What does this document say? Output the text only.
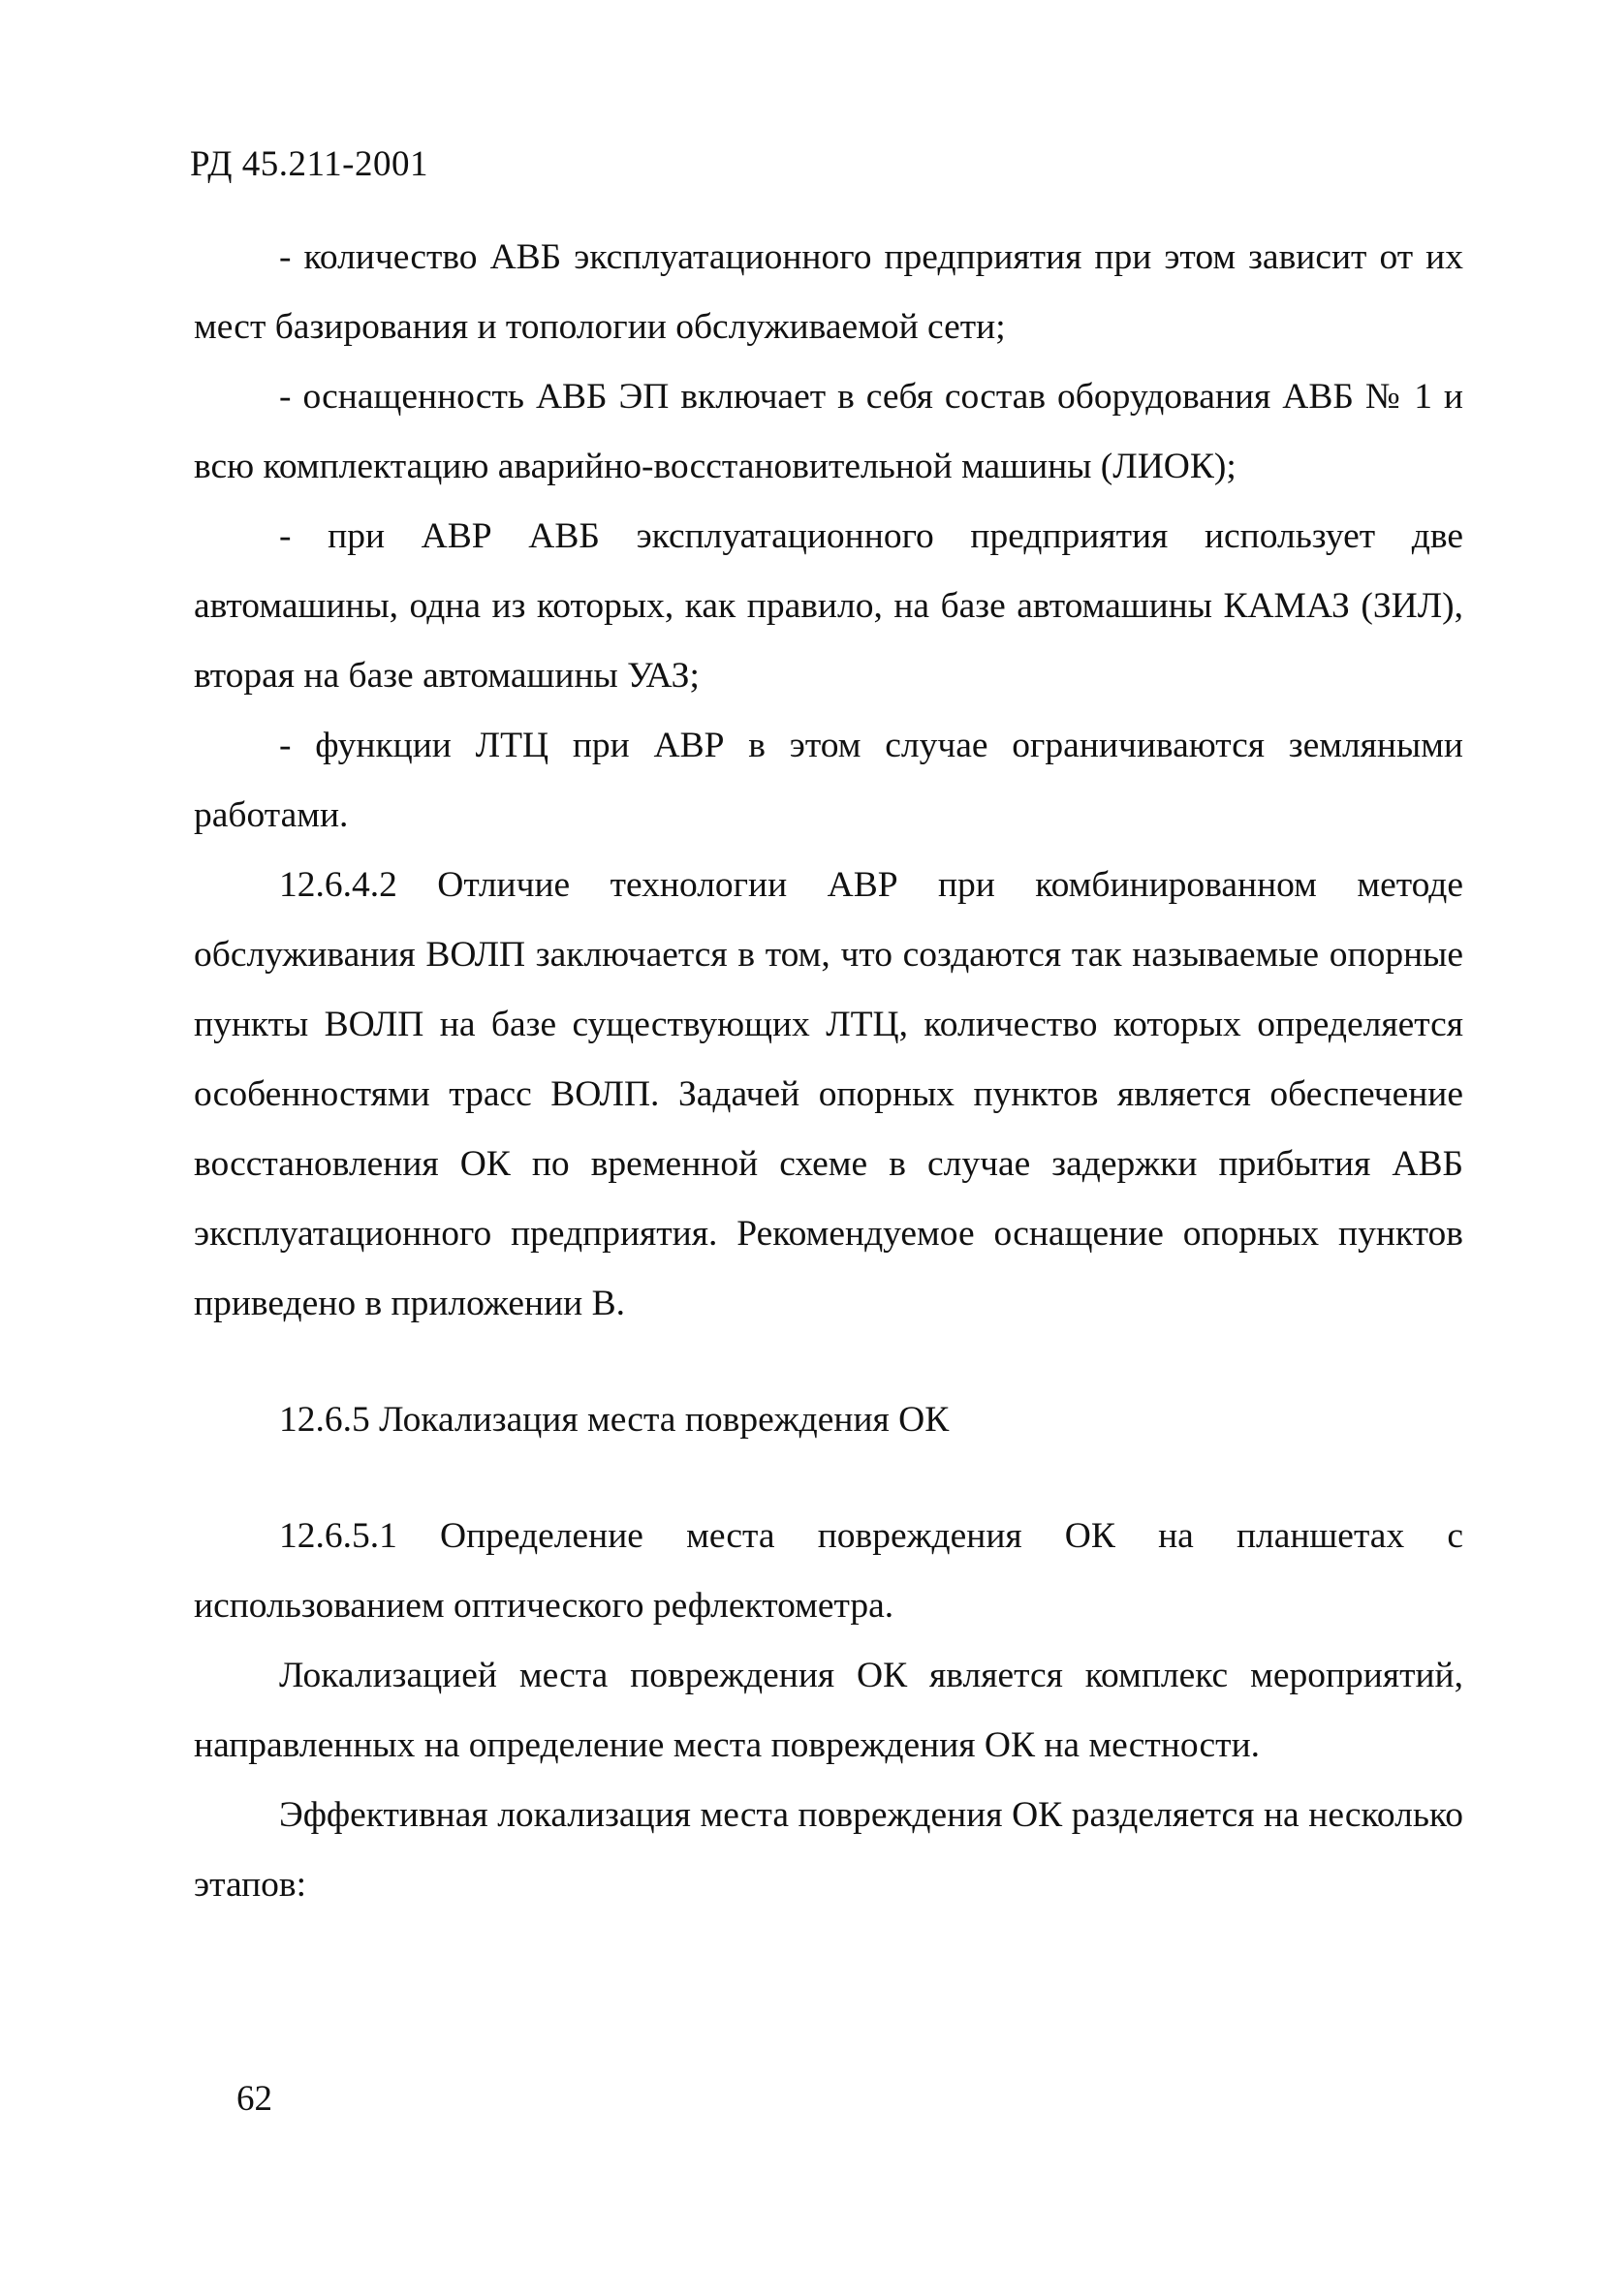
РД 45.211-2001

- количество АВБ эксплуатационного предприятия при этом зависит от их мест базирования и топологии обслуживаемой сети;

- оснащенность АВБ ЭП включает в себя состав оборудования АВБ № 1 и всю комплектацию аварийно-восстановительной машины (ЛИОК);

- при АВР АВБ эксплуатационного предприятия использует две автомашины, одна из которых, как правило, на базе автомашины КАМАЗ (ЗИЛ), вторая на базе автомашины УАЗ;

- функции ЛТЦ при АВР в этом случае ограничиваются земляными работами.

12.6.4.2 Отличие технологии АВР при комбинированном методе обслуживания ВОЛП заключается в том, что создаются так называемые опорные пункты ВОЛП на базе существующих ЛТЦ, количество которых определяется особенностями трасс ВОЛП. Задачей опорных пунктов является обеспечение восстановления ОК по временной схеме в случае задержки прибытия АВБ эксплуатационного предприятия. Рекомендуемое оснащение опорных пунктов приведено в приложении В.

12.6.5 Локализация места повреждения ОК

12.6.5.1 Определение места повреждения ОК на планшетах с использованием оптического рефлектометра.

Локализацией места повреждения ОК является комплекс мероприятий, направленных на определение места повреждения ОК на местности.

Эффективная локализация места повреждения ОК разделяется на несколько этапов:

62
